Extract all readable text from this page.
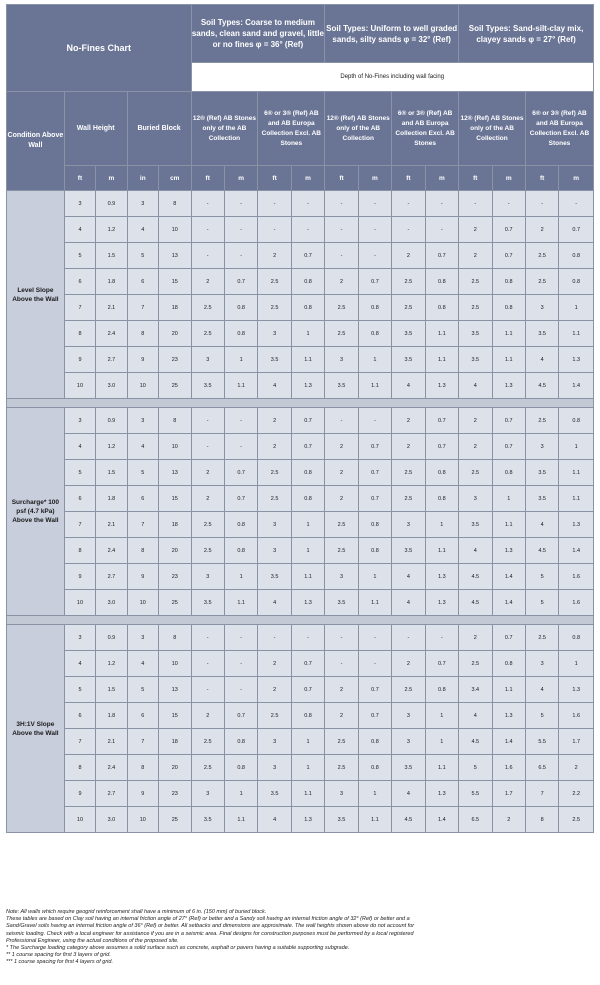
No-Fines Chart					Soil Types: Coarse to medium sands, clean sand and gravel, little or no fines φ = 36° (Ref)				Soil Types: Uniform to well graded sands, silty sands φ = 32° (Ref)				Soil Types: Sand-silt-clay mix, clayey sands φ = 27° (Ref)			
					Depth of No-Fines including wall facing											
Condition Above Wall	Wall Height		Buried Block		12® (Ref) AB Stones only of the AB Collection		6® or 3® (Ref) AB and AB Europa Collection Excl. AB Stones		12® (Ref) AB Stones only of the AB Collection		6® or 3® (Ref) AB and AB Europa Collection Excl. AB Stones		12® (Ref) AB Stones only of the AB Collection		6® or 3® (Ref) AB and AB Europa Collection Excl. AB Stones	
	ft	m	in	cm	ft	m	ft	m	ft	m	ft	m	ft	m	ft	m
Level Slope Above the Wall	3	0.9	3	8	-	-	-	-	-	-	-	-	-	-	-	-
	4	1.2	4	10	-	-	-	-	-	-	-	-	2	0.7	2	0.7
	5	1.5	5	13	-	-	2	0.7	-	-	2	0.7	2	0.7	2.5	0.8
	6	1.8	6	15	2	0.7	2.5	0.8	2	0.7	2.5	0.8	2.5	0.8	2.5	0.8
	7	2.1	7	18	2.5	0.8	2.5	0.8	2.5	0.8	2.5	0.8	2.5	0.8	3	1
	8	2.4	8	20	2.5	0.8	3	1	2.5	0.8	3.5	1.1	3.5	1.1	3.5	1.1
	9	2.7	9	23	3	1	3.5	1.1	3	1	3.5	1.1	3.5	1.1	4	1.3
	10	3.0	10	25	3.5	1.1	4	1.3	3.5	1.1	4	1.3	4	1.3	4.5	1.4

Surcharge* 100 psf (4.7 kPa) Above the Wall	3	0.9	3	8	-	-	2	0.7	-	-	2	0.7	2	0.7	2.5	0.8
	4	1.2	4	10	-	-	2	0.7	2	0.7	2	0.7	2	0.7	3	1
	5	1.5	5	13	2	0.7	2.5	0.8	2	0.7	2.5	0.8	2.5	0.8	3.5	1.1
	6	1.8	6	15	2	0.7	2.5	0.8	2	0.7	2.5	0.8	3	1	3.5	1.1
	7	2.1	7	18	2.5	0.8	3	1	2.5	0.8	3	1	3.5	1.1	4	1.3
	8	2.4	8	20	2.5	0.8	3	1	2.5	0.8	3.5	1.1	4	1.3	4.5	1.4
	9	2.7	9	23	3	1	3.5	1.1	3	1	4	1.3	4.5	1.4	5	1.6
	10	3.0	10	25	3.5	1.1	4	1.3	3.5	1.1	4	1.3	4.5	1.4	5	1.6

3H:1V Slope Above the Wall	3	0.9	3	8	-	-	-	-	-	-	-	-	2	0.7	2.5	0.8
	4	1.2	4	10	-	-	2	0.7	-	-	2	0.7	2.5	0.8	3	1
	5	1.5	5	13	-	-	2	0.7	2	0.7	2.5	0.8	3.4	1.1	4	1.3
	6	1.8	6	15	2	0.7	2.5	0.8	2	0.7	3	1	4	1.3	5	1.6
	7	2.1	7	18	2.5	0.8	3	1	2.5	0.8	3	1	4.5	1.4	5.5	1.7
	8	2.4	8	20	2.5	0.8	3	1	2.5	0.8	3.5	1.1	5	1.6	6.5	2
	9	2.7	9	23	3	1	3.5	1.1	3	1	4	1.3	5.5	1.7	7	2.2
	10	3.0	10	25	3.5	1.1	4	1.3	3.5	1.1	4.5	1.4	6.5	2	8	2.5
Note: All walls which require geogrid reinforcement shall have a minimum of 6 in. (150 mm) of buried block.
These tables are based on Clay soil having an internal friction angle of 27° (Ref) or better and a Sandy soil having an internal friction angle of 32° (Ref) or better and a
Sand/Gravel soils having an internal friction angle of 36° (Ref) or better. All setbacks and dimensions are approximate. The wall heights shown above do not account for
seismic loading. Check with a local engineer for assistance if you are in a seismic area. Final designs for construction purposes must be performed by a local registered
Professional Engineer, using the actual conditions of the proposed site.
* The Surcharge loading category above assumes a solid surface such as concrete, asphalt or pavers having a suitable supporting subgrade.
** 1 course spacing for first 3 layers of grid.
*** 1 course spacing for first 4 layers of grid.
